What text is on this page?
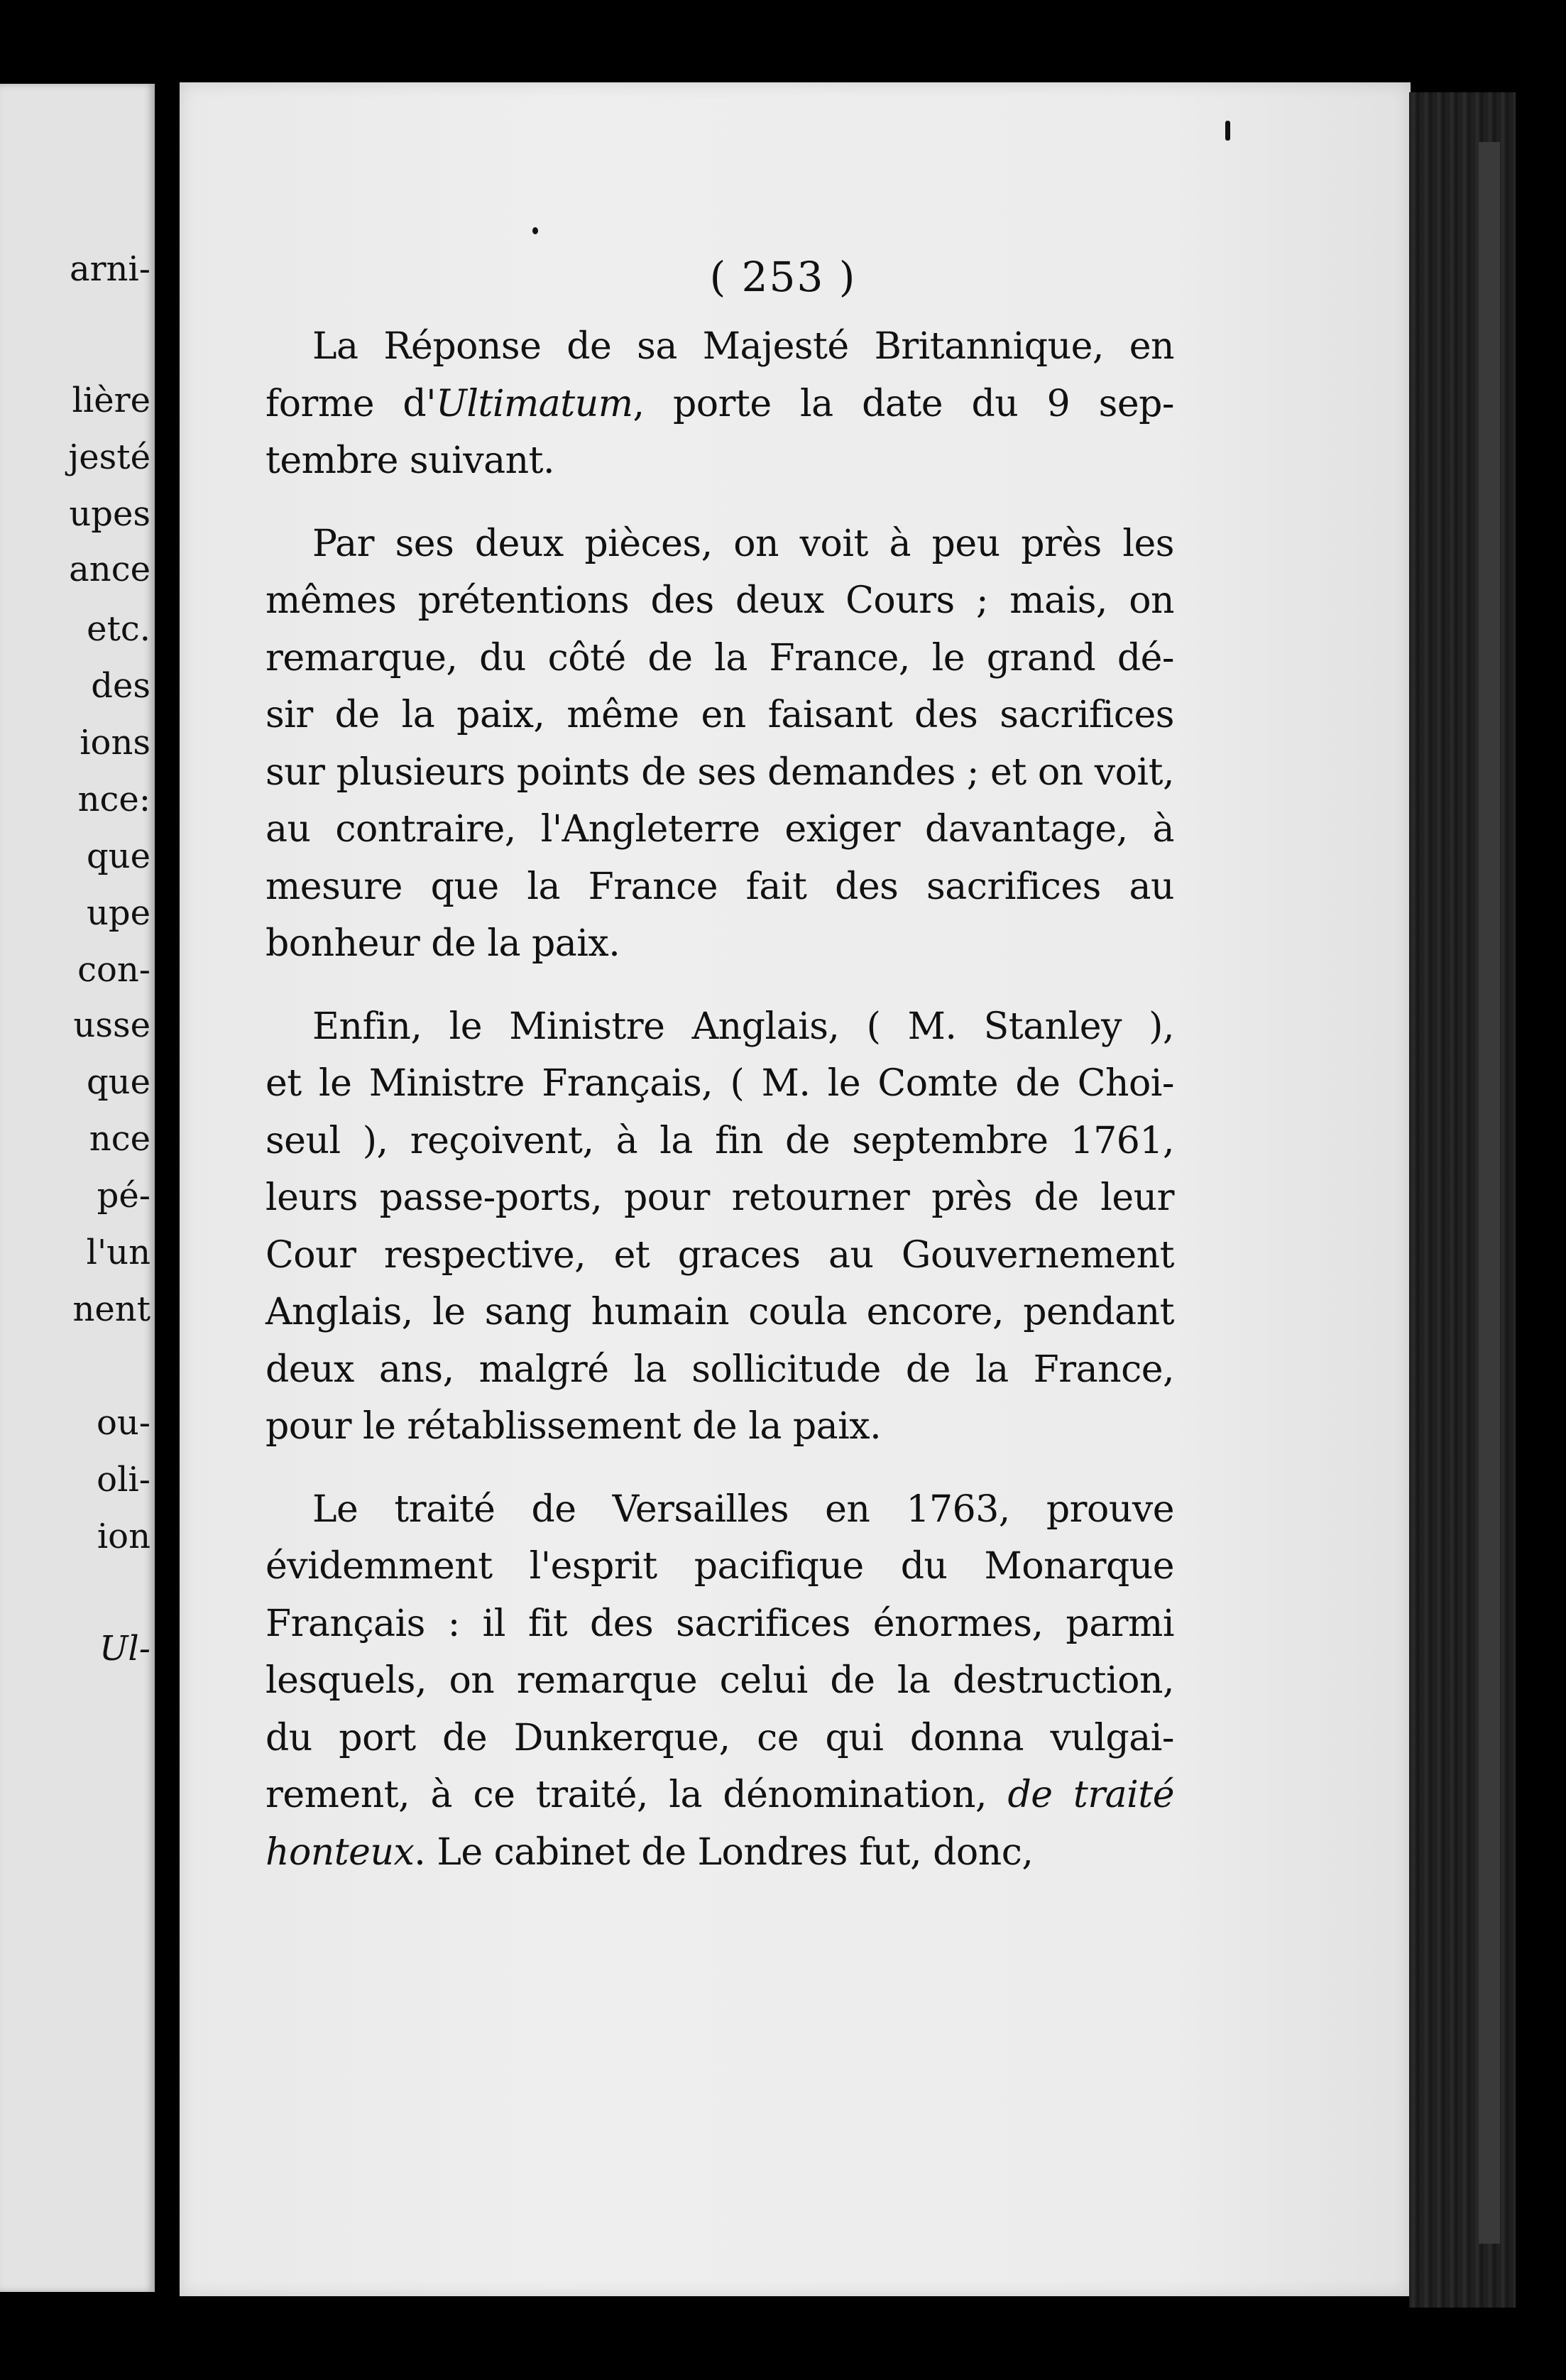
arni-
lière
jesté
upes
ance
etc.
des
ions
nce:
que
upe
con-
usse
que
nce
pé-
l'un
nent
ou-
oli-
ion
Ul-
( 253 )
La Réponse de sa Majesté Britannique, en
forme d'Ultimatum, porte la date du 9 sep-
tembre suivant.
Par ses deux pièces, on voit à peu près les
mêmes prétentions des deux Cours ; mais, on
remarque, du côté de la France, le grand dé-
sir de la paix, même en faisant des sacrifices
sur plusieurs points de ses demandes ; et on voit,
au contraire, l'Angleterre exiger davantage, à
mesure que la France fait des sacrifices au
bonheur de la paix.
Enfin, le Ministre Anglais, ( M. Stanley ),
et le Ministre Français, ( M. le Comte de Choi-
seul ), reçoivent, à la fin de septembre 1761,
leurs passe-ports, pour retourner près de leur
Cour respective, et graces au Gouvernement
Anglais, le sang humain coula encore, pendant
deux ans, malgré la sollicitude de la France,
pour le rétablissement de la paix.
Le traité de Versailles en 1763, prouve
évidemment l'esprit pacifique du Monarque
Français : il fit des sacrifices énormes, parmi
lesquels, on remarque celui de la destruction,
du port de Dunkerque, ce qui donna vulgai-
rement, à ce traité, la dénomination, de traité
honteux. Le cabinet de Londres fut, donc,
